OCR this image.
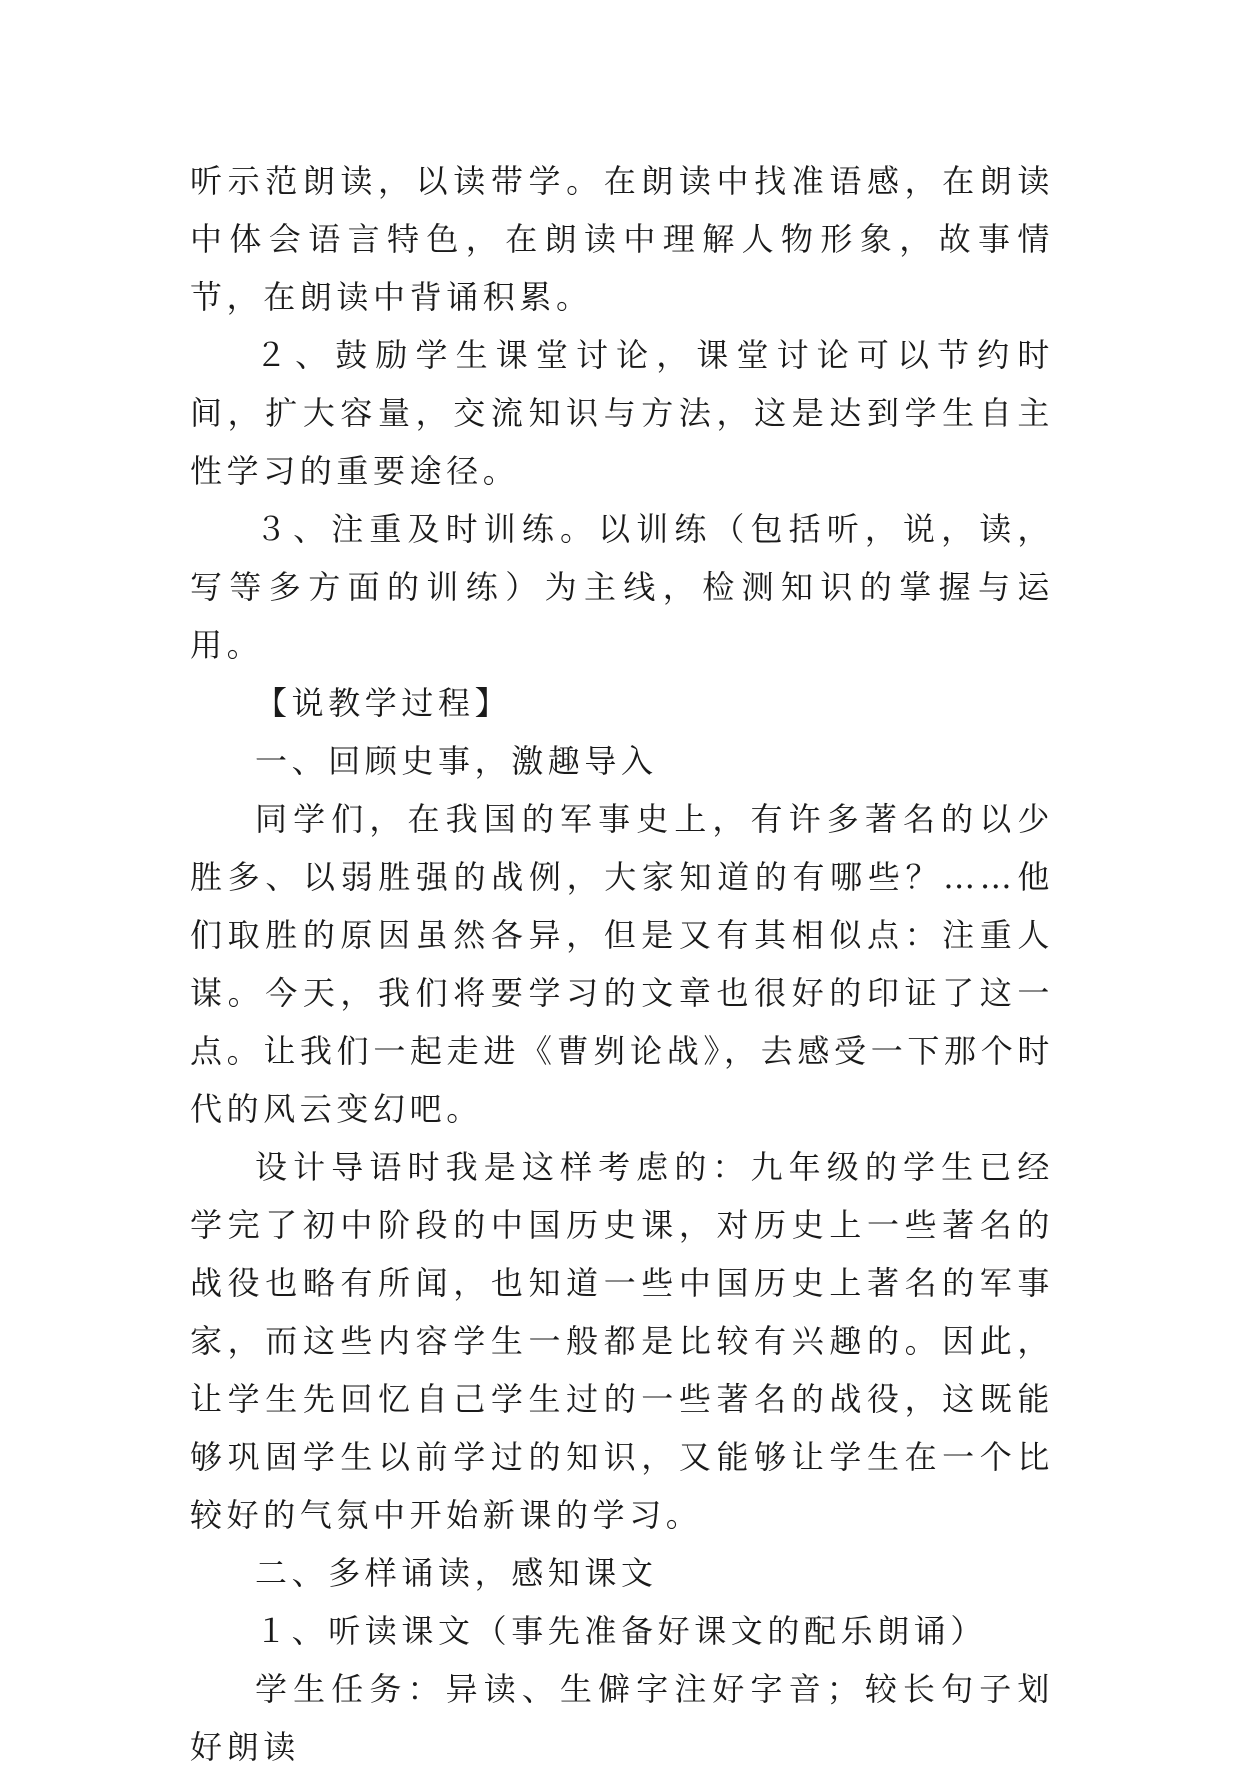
听示范朗读，以读带学。在朗读中找准语感，在朗读中体会语言特色，在朗读中理解人物形象，故事情节，在朗读中背诵积累。

２、鼓励学生课堂讨论，课堂讨论可以节约时间，扩大容量，交流知识与方法，这是达到学生自主性学习的重要途径。

３、注重及时训练。以训练（包括听，说，读，写等多方面的训练）为主线，检测知识的掌握与运用。

【说教学过程】

一、回顾史事，激趣导入

同学们，在我国的军事史上，有许多著名的以少胜多、以弱胜强的战例，大家知道的有哪些？……他们取胜的原因虽然各异，但是又有其相似点：注重人谋。今天，我们将要学习的文章也很好的印证了这一点。让我们一起走进《曹刿论战》，去感受一下那个时代的风云变幻吧。

设计导语时我是这样考虑的：九年级的学生已经学完了初中阶段的中国历史课，对历史上一些著名的战役也略有所闻，也知道一些中国历史上著名的军事家，而这些内容学生一般都是比较有兴趣的。因此，让学生先回忆自己学生过的一些著名的战役，这既能够巩固学生以前学过的知识，又能够让学生在一个比较好的气氛中开始新课的学习。

二、多样诵读，感知课文

１、听读课文（事先准备好课文的配乐朗诵）

学生任务：异读、生僻字注好字音；较长句子划好朗读
